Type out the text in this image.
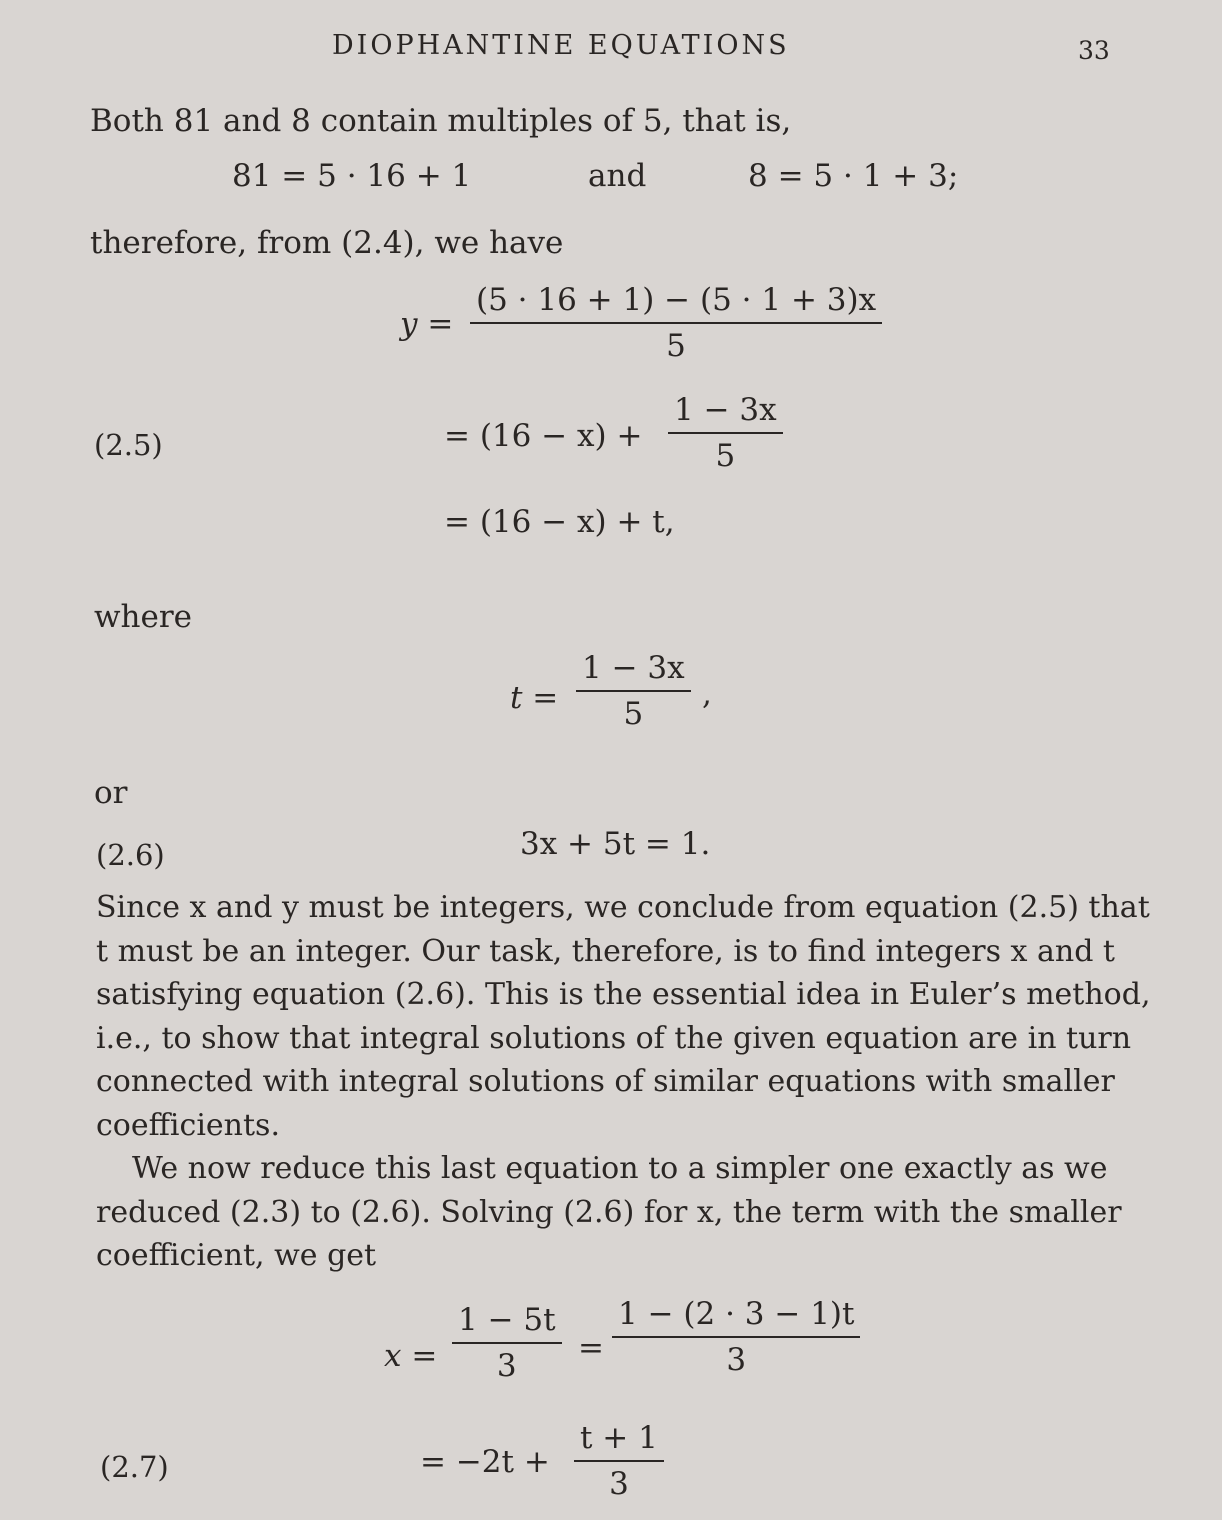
DIOPHANTINE EQUATIONS	33
Both 81 and 8 contain multiples of 5, that is,
81 = 5 · 16 + 1	and	8 = 5 · 1 + 3;
therefore, from (2.4), we have
$y = \frac{(5 \cdot 16 + 1) - (5 \cdot 1 + 3)x}{5}$
(2.5)	= $(16 - x) + \frac{1 - 3x}{5}$
= (16 − x) + t,
where
$t = \frac{1 - 3x}{5}$ ,
or
(2.6)	3x + 5t = 1.

Since x and y must be integers, we conclude from equation (2.5) that t must be an integer. Our task, therefore, is to find integers x and t satisfying equation (2.6). This is the essential idea in Euler’s method, i.e., to show that integral solutions of the given equation are in turn connected with integral solutions of similar equations with smaller coefficients.

We now reduce this last equation to a simpler one exactly as we reduced (2.3) to (2.6). Solving (2.6) for x, the term with the smaller coefficient, we get

$x = \frac{1 - 5t}{3} = \frac{1 - (2 \cdot 3 - 1)t}{3}$
(2.7)	= $-2t + \frac{t + 1}{3}$
